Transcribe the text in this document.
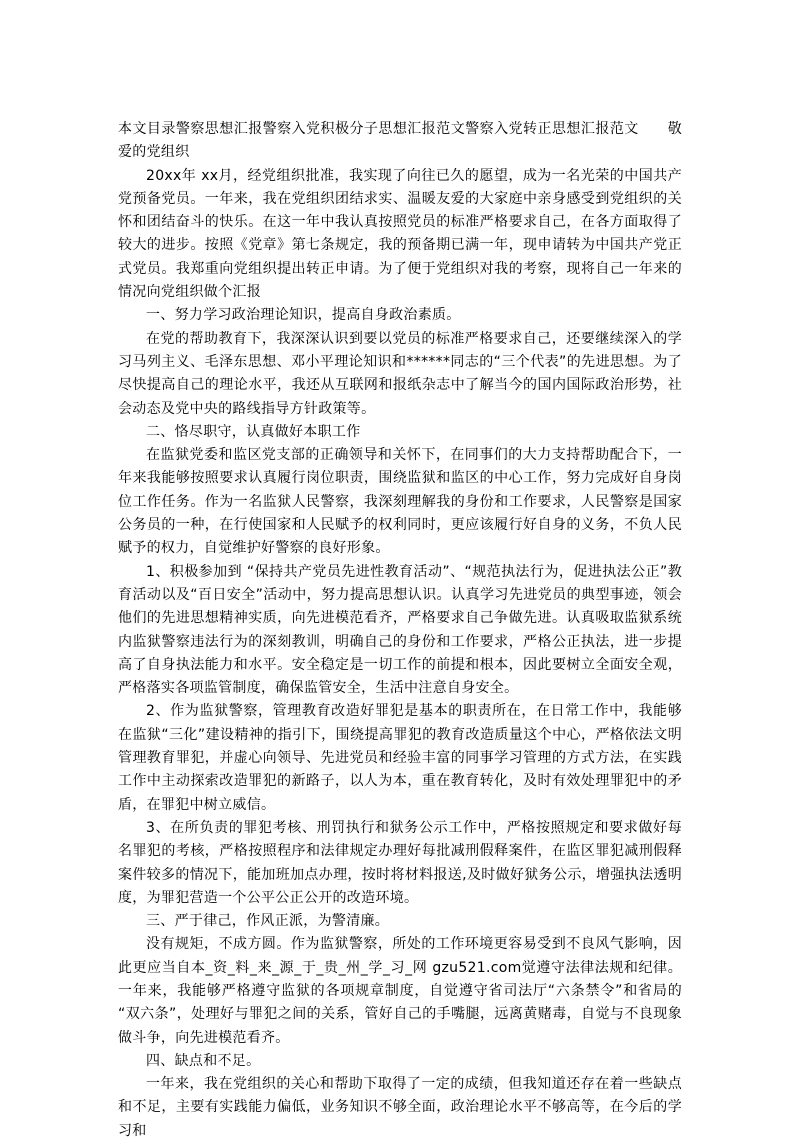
本文目录警察思想汇报警察入党积极分子思想汇报范文警察入党转正思想汇报范文　　敬爱的党组织

20xx年 xx月，经党组织批准，我实现了向往已久的愿望，成为一名光荣的中国共产党预备党员。一年来，我在党组织团结求实、温暖友爱的大家庭中亲身感受到党组织的关怀和团结奋斗的快乐。在这一年中我认真按照党员的标准严格要求自己，在各方面取得了较大的进步。按照《党章》第七条规定，我的预备期已满一年，现申请转为中国共产党正式党员。我郑重向党组织提出转正申请。为了便于党组织对我的考察，现将自己一年来的情况向党组织做个汇报

一、努力学习政治理论知识，提高自身政治素质。

在党的帮助教育下，我深深认识到要以党员的标准严格要求自己，还要继续深入的学习马列主义、毛泽东思想、邓小平理论知识和******同志的“三个代表”的先进思想。为了尽快提高自己的理论水平，我还从互联网和报纸杂志中了解当今的国内国际政治形势，社会动态及党中央的路线指导方针政策等。

二、恪尽职守，认真做好本职工作

在监狱党委和监区党支部的正确领导和关怀下，在同事们的大力支持帮助配合下，一年来我能够按照要求认真履行岗位职责，围绕监狱和监区的中心工作，努力完成好自身岗位工作任务。作为一名监狱人民警察，我深刻理解我的身份和工作要求，人民警察是国家公务员的一种，在行使国家和人民赋予的权利同时，更应该履行好自身的义务，不负人民赋予的权力，自觉维护好警察的良好形象。

1、积极参加到 “保持共产党员先进性教育活动”、“规范执法行为，促进执法公正”教育活动以及“百日安全”活动中，努力提高思想认识。认真学习先进党员的典型事迹，领会他们的先进思想精神实质，向先进模范看齐，严格要求自己争做先进。认真吸取监狱系统内监狱警察违法行为的深刻教训，明确自己的身份和工作要求，严格公正执法，进一步提高了自身执法能力和水平。安全稳定是一切工作的前提和根本，因此要树立全面安全观，严格落实各项监管制度，确保监管安全，生活中注意自身安全。

2、作为监狱警察，管理教育改造好罪犯是基本的职责所在，在日常工作中，我能够在监狱“三化”建设精神的指引下，围绕提高罪犯的教育改造质量这个中心，严格依法文明管理教育罪犯，并虚心向领导、先进党员和经验丰富的同事学习管理的方式方法，在实践工作中主动探索改造罪犯的新路子，以人为本，重在教育转化，及时有效处理罪犯中的矛盾，在罪犯中树立威信。

3、在所负责的罪犯考核、刑罚执行和狱务公示工作中，严格按照规定和要求做好每名罪犯的考核，严格按照程序和法律规定办理好每批减刑假释案件，在监区罪犯减刑假释案件较多的情况下，能加班加点办理，按时将材料报送,及时做好狱务公示，增强执法透明度，为罪犯营造一个公平公正公开的改造环境。

三、严于律己，作风正派，为警清廉。

没有规矩，不成方圆。作为监狱警察，所处的工作环境更容易受到不良风气影响，因此更应当自本_资_料_来_源_于_贵_州_学_习_网 gzu521.com觉遵守法律法规和纪律。一年来，我能够严格遵守监狱的各项规章制度，自觉遵守省司法厅“六条禁令”和省局的 “双六条”，处理好与罪犯之间的关系，管好自己的手嘴腿，远离黄赌毒，自觉与不良现象做斗争，向先进模范看齐。

四、缺点和不足。

一年来，我在党组织的关心和帮助下取得了一定的成绩，但我知道还存在着一些缺点和不足，主要有实践能力偏低，业务知识不够全面，政治理论水平不够高等，在今后的学习和
